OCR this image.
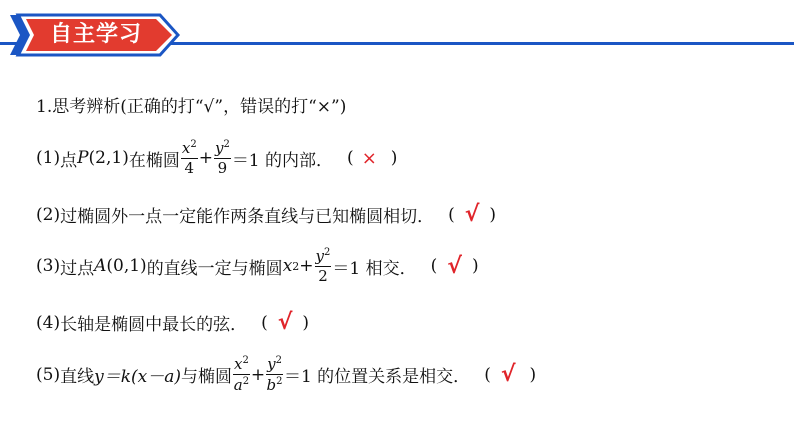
自主学习
1.思考辨析(正确的打“√”，错误的打“×”)
(1) 点 P (2,1) 在椭圆 $\frac{x^2}{4} + \frac{y^2}{9} =1$ 的内部． ( × )
(2) 过椭圆外一点一定能作两条直线与已知椭圆相切． ( √ )
(3) 过点 A (0,1) 的直线一定与椭圆 x $2 + \frac{y^2}{2} =1$ 相交． ( √ )
(4) 长轴是椭圆中最长的弦． ( √ )
(5) 直线 y＝k(x－a) 与椭圆 $\frac{x^2}{a^2} + \frac{y^2}{b^2} =1$ 的位置关系是相交． ( √ )
